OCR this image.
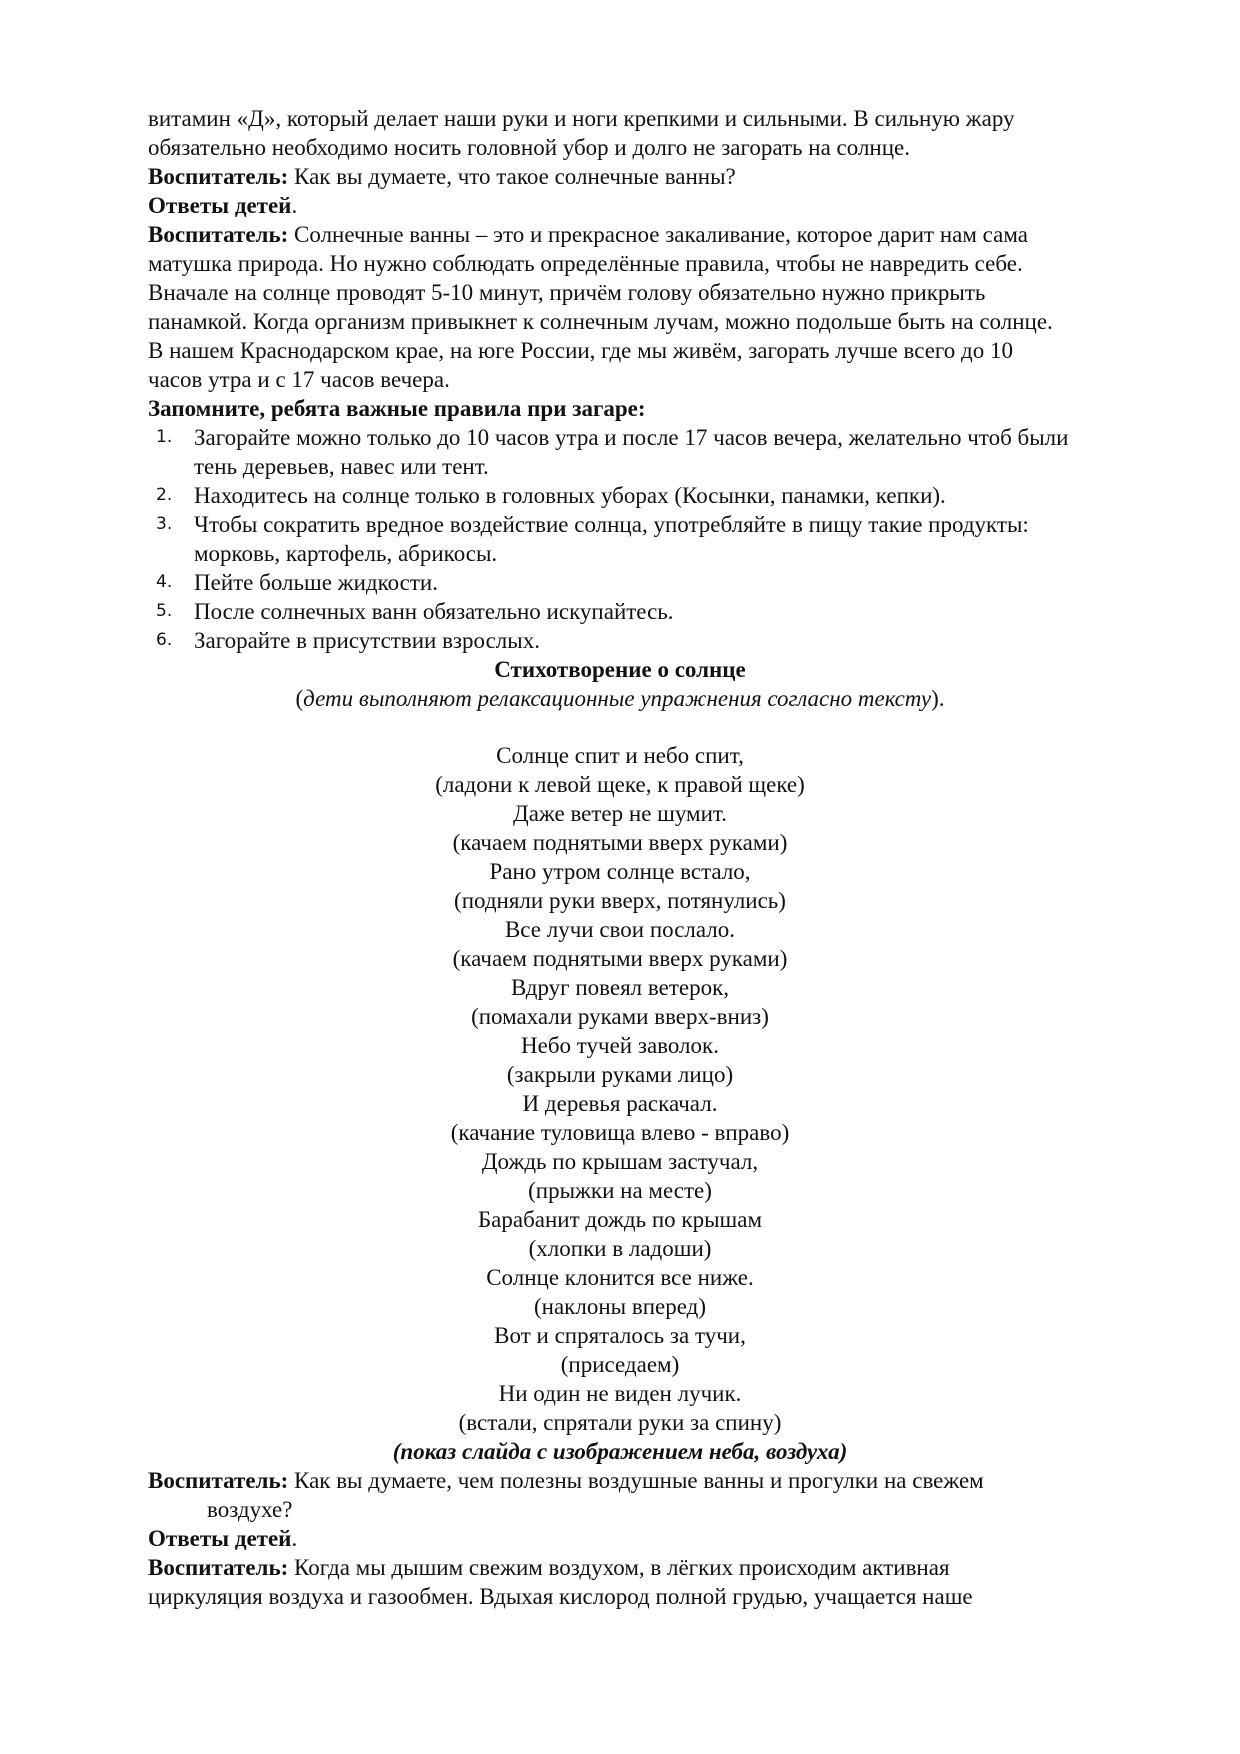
витамин «Д», который делает наши руки и ноги крепкими и сильными. В сильную жару
обязательно необходимо носить головной убор и долго не загорать на солнце.
Воспитатель: Как вы думаете, что такое солнечные ванны?
Ответы детей.
Воспитатель: Солнечные ванны – это и прекрасное закаливание, которое дарит нам сама
матушка природа. Но нужно соблюдать определённые правила, чтобы не навредить себе.
Вначале на солнце проводят 5-10 минут, причём голову обязательно нужно прикрыть
панамкой. Когда организм привыкнет к солнечным лучам, можно подольше быть на солнце.
В нашем Краснодарском крае, на юге России, где мы живём, загорать лучше всего до 10
часов утра и с 17 часов вечера.
Запомните, ребята важные правила при загаре:
1. Загорайте можно только до 10 часов утра и после 17 часов вечера, желательно чтоб были
тень деревьев, навес или тент.
2. Находитесь на солнце только в головных уборах (Косынки, панамки, кепки).
3. Чтобы сократить вредное воздействие солнца, употребляйте в пищу такие продукты:
морковь, картофель, абрикосы.
4. Пейте больше жидкости.
5. После солнечных ванн обязательно искупайтесь.
6. Загорайте в присутствии взрослых.
Стихотворение о солнце
(дети выполняют релаксационные упражнения согласно тексту).
Солнце спит и небо спит,
(ладони к левой щеке, к правой щеке)
Даже ветер не шумит.
(качаем поднятыми вверх руками)
Рано утром солнце встало,
(подняли руки вверх, потянулись)
Все лучи свои послало.
(качаем поднятыми вверх руками)
Вдруг повеял ветерок,
(помахали руками вверх-вниз)
Небо тучей заволок.
(закрыли руками лицо)
И деревья раскачал.
(качание туловища влево - вправо)
Дождь по крышам застучал,
(прыжки на месте)
Барабанит дождь по крышам
(хлопки в ладоши)
Солнце клонится все ниже.
(наклоны вперед)
Вот и спряталось за тучи,
(приседаем)
Ни один не виден лучик.
(встали, спрятали руки за спину)
(показ слайда с изображением неба, воздуха)
Воспитатель: Как вы думаете, чем полезны воздушные ванны и прогулки на свежем
воздухе?
Ответы детей.
Воспитатель: Когда мы дышим свежим воздухом, в лёгких происходим активная
циркуляция воздуха и газообмен. Вдыхая кислород полной грудью, учащается наше
